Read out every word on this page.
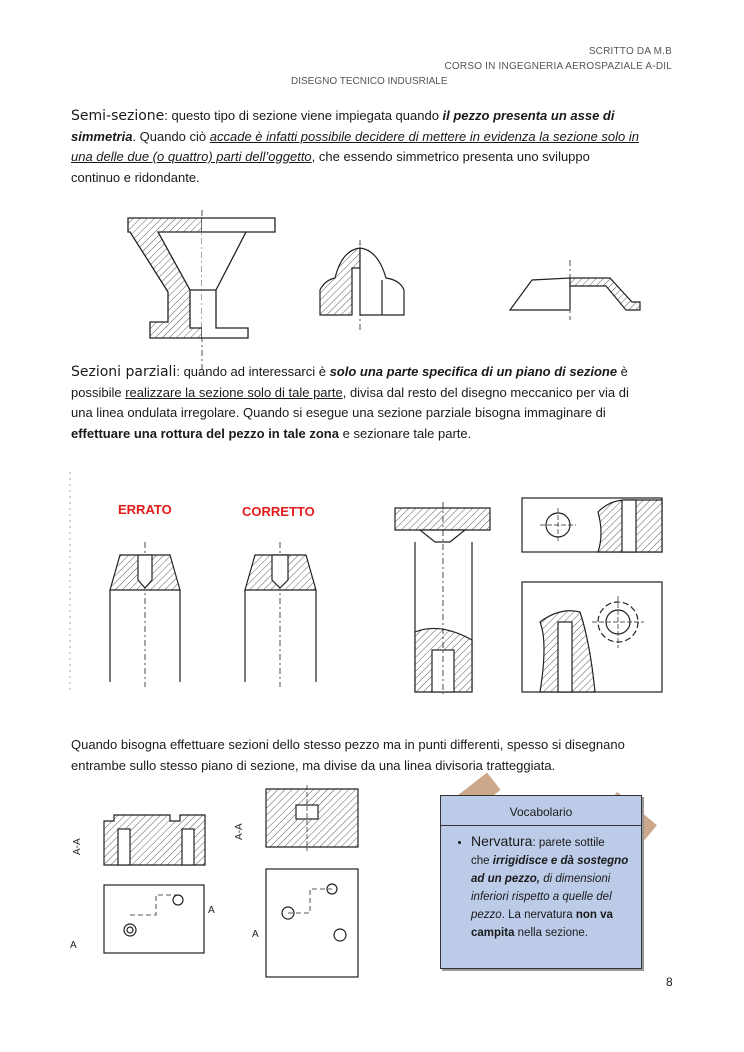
SCRITTO DA M.B
CORSO IN INGEGNERIA AEROSPAZIALE A-DIL
DISEGNO TECNICO INDUSRIALE
Semi-sezione: questo tipo di sezione viene impiegata quando il pezzo presenta un asse di
simmetria. Quando ciò accade è infatti possibile decidere di mettere in evidenza la sezione solo in
una delle due (o quattro) parti dell’oggetto, che essendo simmetrico presenta uno sviluppo
continuo e ridondante.
Sezioni parziali: quando ad interessarci è solo una parte specifica di un piano di sezione è
possibile realizzare la sezione solo di tale parte, divisa dal resto del disegno meccanico per via di
una linea ondulata irregolare. Quando si esegue una sezione parziale bisogna immaginare di
effettuare una rottura del pezzo in tale zona e sezionare tale parte.
ERRATO	CORRETTO
Quando bisogna effettuare sezioni dello stesso pezzo ma in punti differenti, spesso si disegnano
entrambe sullo stesso piano di sezione, ma divise da una linea divisoria tratteggiata.
A-A
A
A
A-A
A
Vocabolario
• Nervatura: parete sottile
che irrigidisce e dà sostegno
ad un pezzo, di dimensioni
inferiori rispetto a quelle del
pezzo. La nervatura non va
campita nella sezione.
8
